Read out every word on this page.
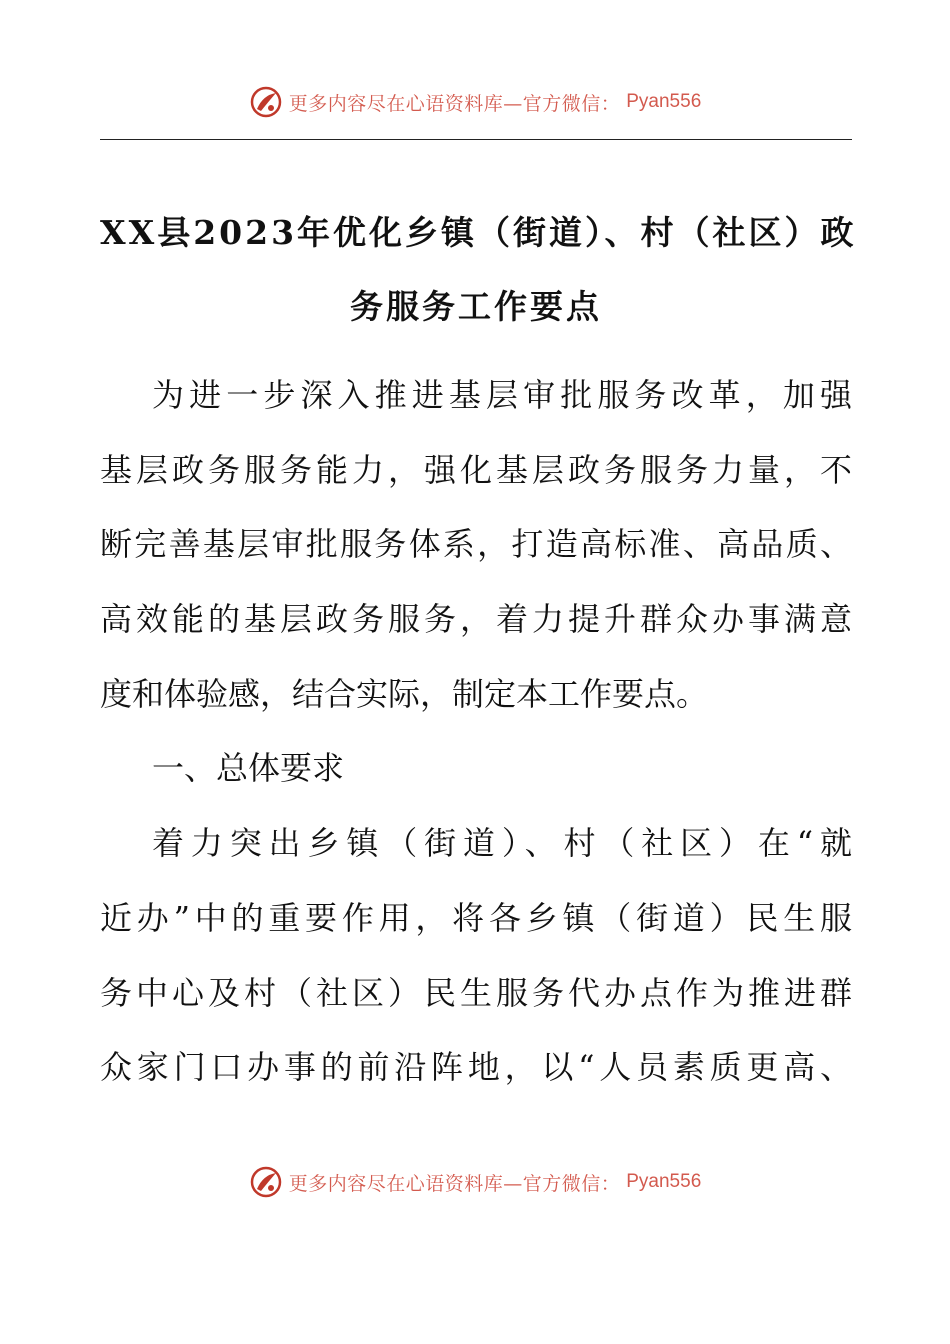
更多内容尽在心语资料库—官方微信： Pyan556
XX县2023年优化乡镇（街道）、村（社区）政
务服务工作要点
为进一步深入推进基层审批服务改革，加强
基层政务服务能力，强化基层政务服务力量，不
断完善基层审批服务体系，打造高标准、高品质、
高效能的基层政务服务，着力提升群众办事满意
度和体验感，结合实际，制定本工作要点。
一、总体要求
着力突出乡镇（街道）、村（社区）在“就
近办”中的重要作用，将各乡镇（街道）民生服
务中心及村（社区）民生服务代办点作为推进群
众家门口办事的前沿阵地，以“人员素质更高、
更多内容尽在心语资料库—官方微信： Pyan556
